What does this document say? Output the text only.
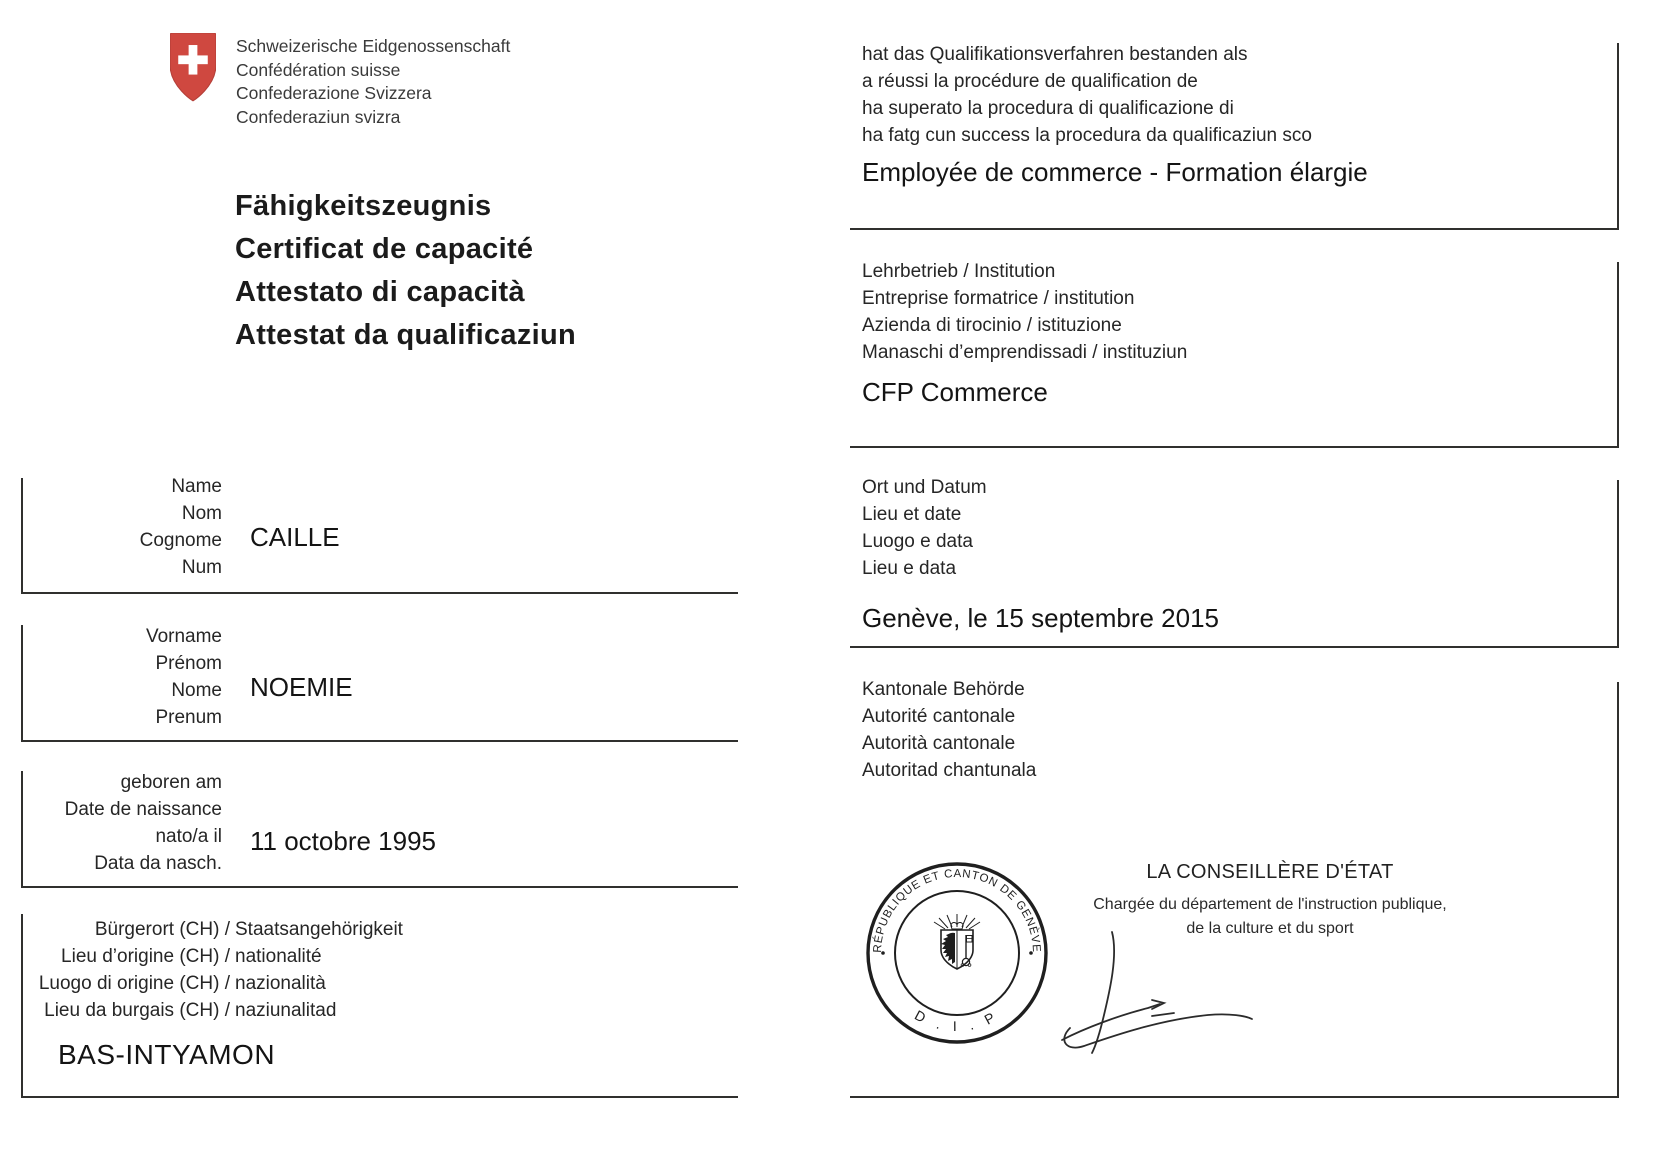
Schweizerische Eidgenossenschaft
Confédération suisse
Confederazione Svizzera
Confederaziun svizra
Fähigkeitszeugnis
Certificat de capacité
Attestato di capacità
Attestat da qualificaziun
Name
Nom
Cognome
Num
CAILLE
Vorname
Prénom
Nome
Prenum
NOEMIE
geboren am
Date de naissance
nato/a il
Data da nasch.
11 octobre 1995
Bürgerort (CH) / Staatsangehörigkeit
Lieu d’origine (CH) / nationalité
Luogo di origine (CH) / nazionalità
Lieu da burgais (CH) / naziunalitad
BAS-INTYAMON
hat das Qualifikationsverfahren bestanden als
a réussi la procédure de qualification de
ha superato la procedura di qualificazione di
ha fatg cun success la procedura da qualificaziun sco
Employée de commerce - Formation élargie
Lehrbetrieb / Institution
Entreprise formatrice / institution
Azienda di tirocinio / istituzione
Manaschi d’emprendissadi / instituziun
CFP Commerce
Ort und Datum
Lieu et date
Luogo e data
Lieu e data
Genève, le 15 septembre 2015
Kantonale Behörde
Autorité cantonale
Autorità cantonale
Autoritad chantunala
RÉPUBLIQUE ET CANTON DE GENÈVE
D . I . P
LA CONSEILLÈRE D'ÉTAT
Chargée du département de l'instruction publique,
de la culture et du sport
